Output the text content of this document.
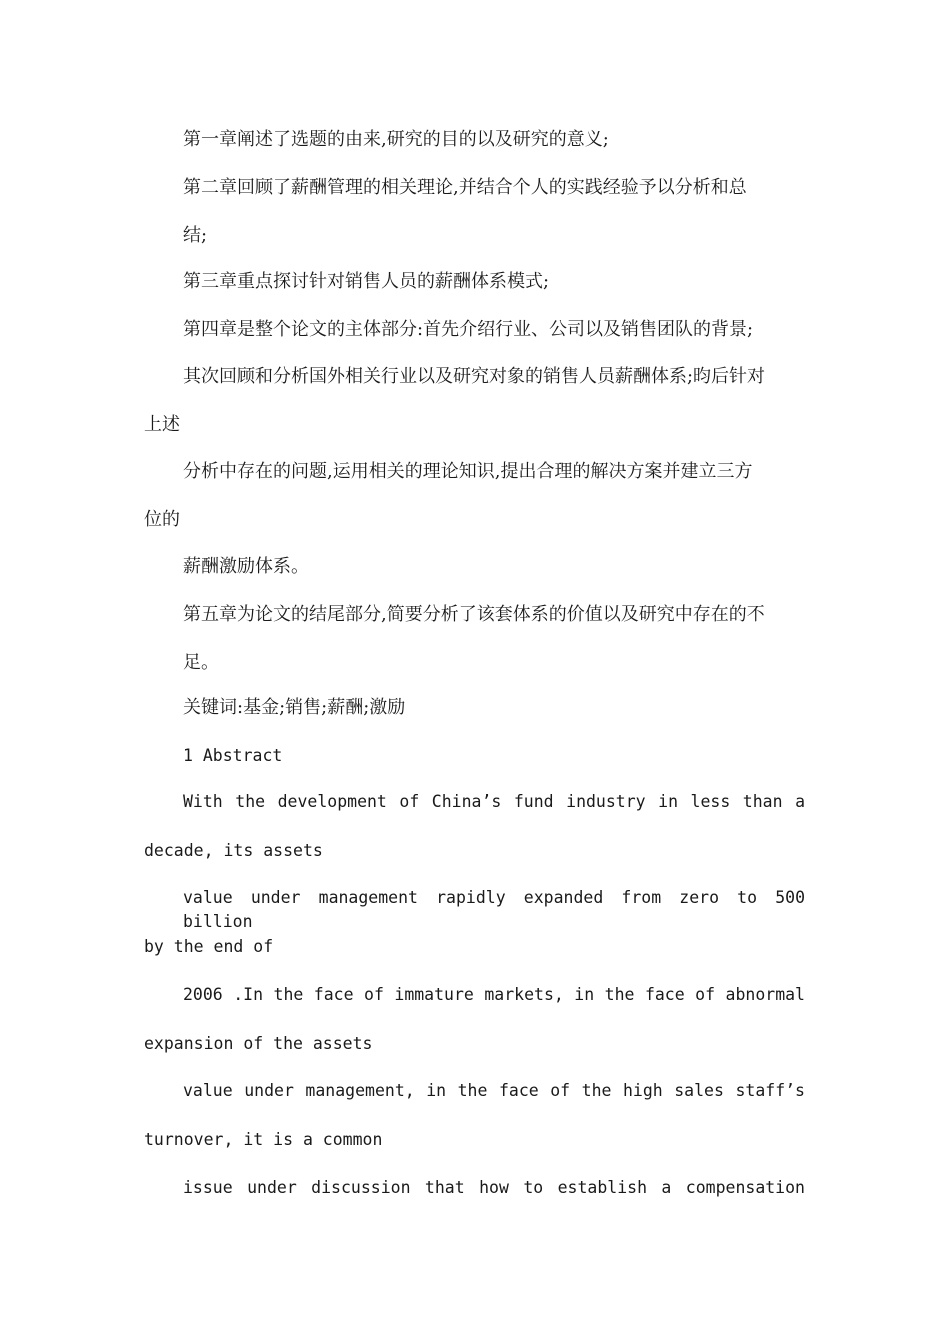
第一章阐述了选题的由来,研究的目的以及研究的意义;
第二章回顾了薪酬管理的相关理论,并结合个人的实践经验予以分析和总
结;
第三章重点探讨针对销售人员的薪酬体系模式;
第四章是整个论文的主体部分:首先介绍行业、公司以及销售团队的背景;
其次回顾和分析国外相关行业以及研究对象的销售人员薪酬体系;昀后针对
上述
分析中存在的问题,运用相关的理论知识,提出合理的解决方案并建立三方
位的
薪酬激励体系。
第五章为论文的结尾部分,简要分析了该套体系的价值以及研究中存在的不
足。
关键词:基金;销售;薪酬;激励
1 Abstract
With the development of China’s fund industry in less than a
decade, its assets
value under management rapidly expanded from zero to 500 billion
by the end of
2006 .In the face of immature markets, in the face of abnormal
expansion of the assets
value under management, in the face of the high sales staff’s
turnover, it is a common
issue under discussion that how to establish a compensation
